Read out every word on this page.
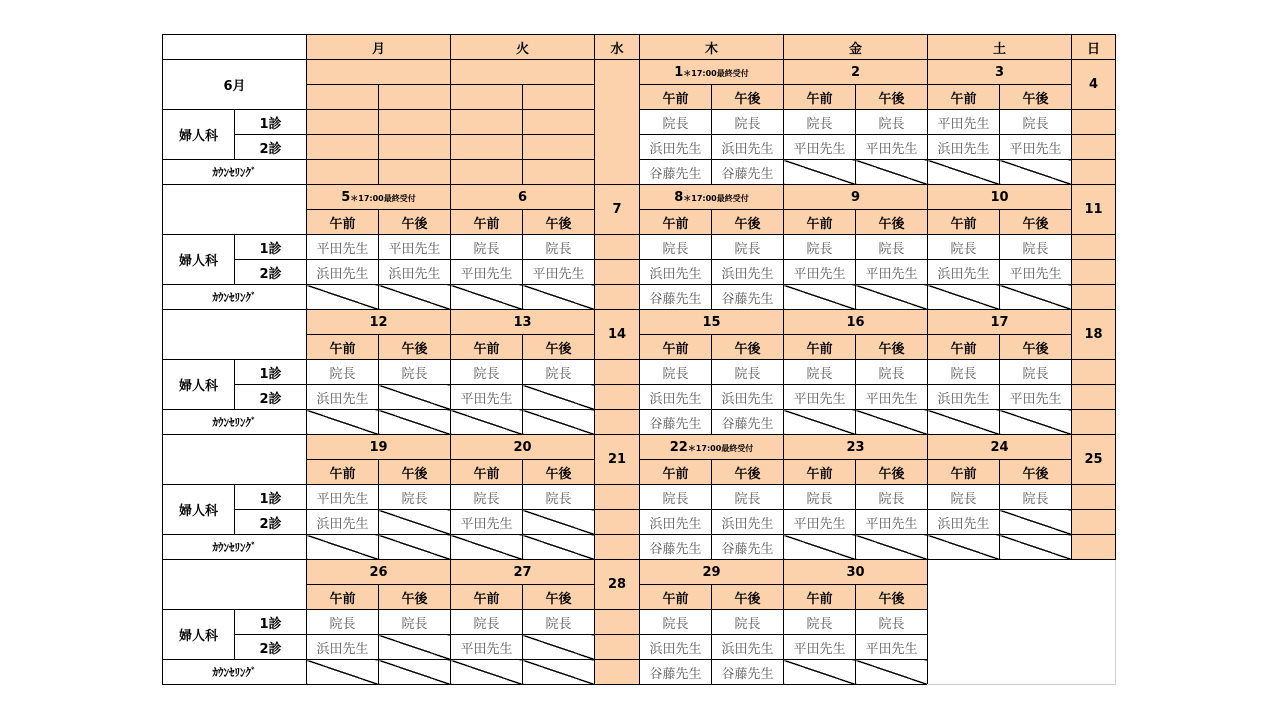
		月		火		水	木		金		土		日
6月							1＊17:00最終受付		2		3		4
							午前	午後	午前	午後	午前	午後	
婦人科	1診						院長	院長	院長	院長	平田先生	院長	
	2診						浜田先生	浜田先生	平田先生	平田先生	浜田先生	平田先生	
ｶｳﾝｾﾘﾝｸﾞ							谷藤先生	谷藤先生					
		5＊17:00最終受付		6		7	8＊17:00最終受付		9		10		11
		午前	午後	午前	午後		午前	午後	午前	午後	午前	午後	
婦人科	1診	平田先生	平田先生	院長	院長		院長	院長	院長	院長	院長	院長	
	2診	浜田先生	浜田先生	平田先生	平田先生		浜田先生	浜田先生	平田先生	平田先生	浜田先生	平田先生	
ｶｳﾝｾﾘﾝｸﾞ							谷藤先生	谷藤先生					
		12		13		14	15		16		17		18
		午前	午後	午前	午後		午前	午後	午前	午後	午前	午後	
婦人科	1診	院長	院長	院長	院長		院長	院長	院長	院長	院長	院長	
	2診	浜田先生		平田先生			浜田先生	浜田先生	平田先生	平田先生	浜田先生	平田先生	
ｶｳﾝｾﾘﾝｸﾞ							谷藤先生	谷藤先生					
		19		20		21	22＊17:00最終受付		23		24		25
		午前	午後	午前	午後		午前	午後	午前	午後	午前	午後	
婦人科	1診	平田先生	院長	院長	院長		院長	院長	院長	院長	院長	院長	
	2診	浜田先生		平田先生			浜田先生	浜田先生	平田先生	平田先生	浜田先生		
ｶｳﾝｾﾘﾝｸﾞ							谷藤先生	谷藤先生					
		26		27		28	29		30				
		午前	午後	午前	午後		午前	午後	午前	午後			
婦人科	1診	院長	院長	院長	院長		院長	院長	院長	院長			
	2診	浜田先生		平田先生			浜田先生	浜田先生	平田先生	平田先生			
ｶｳﾝｾﾘﾝｸﾞ							谷藤先生	谷藤先生					
